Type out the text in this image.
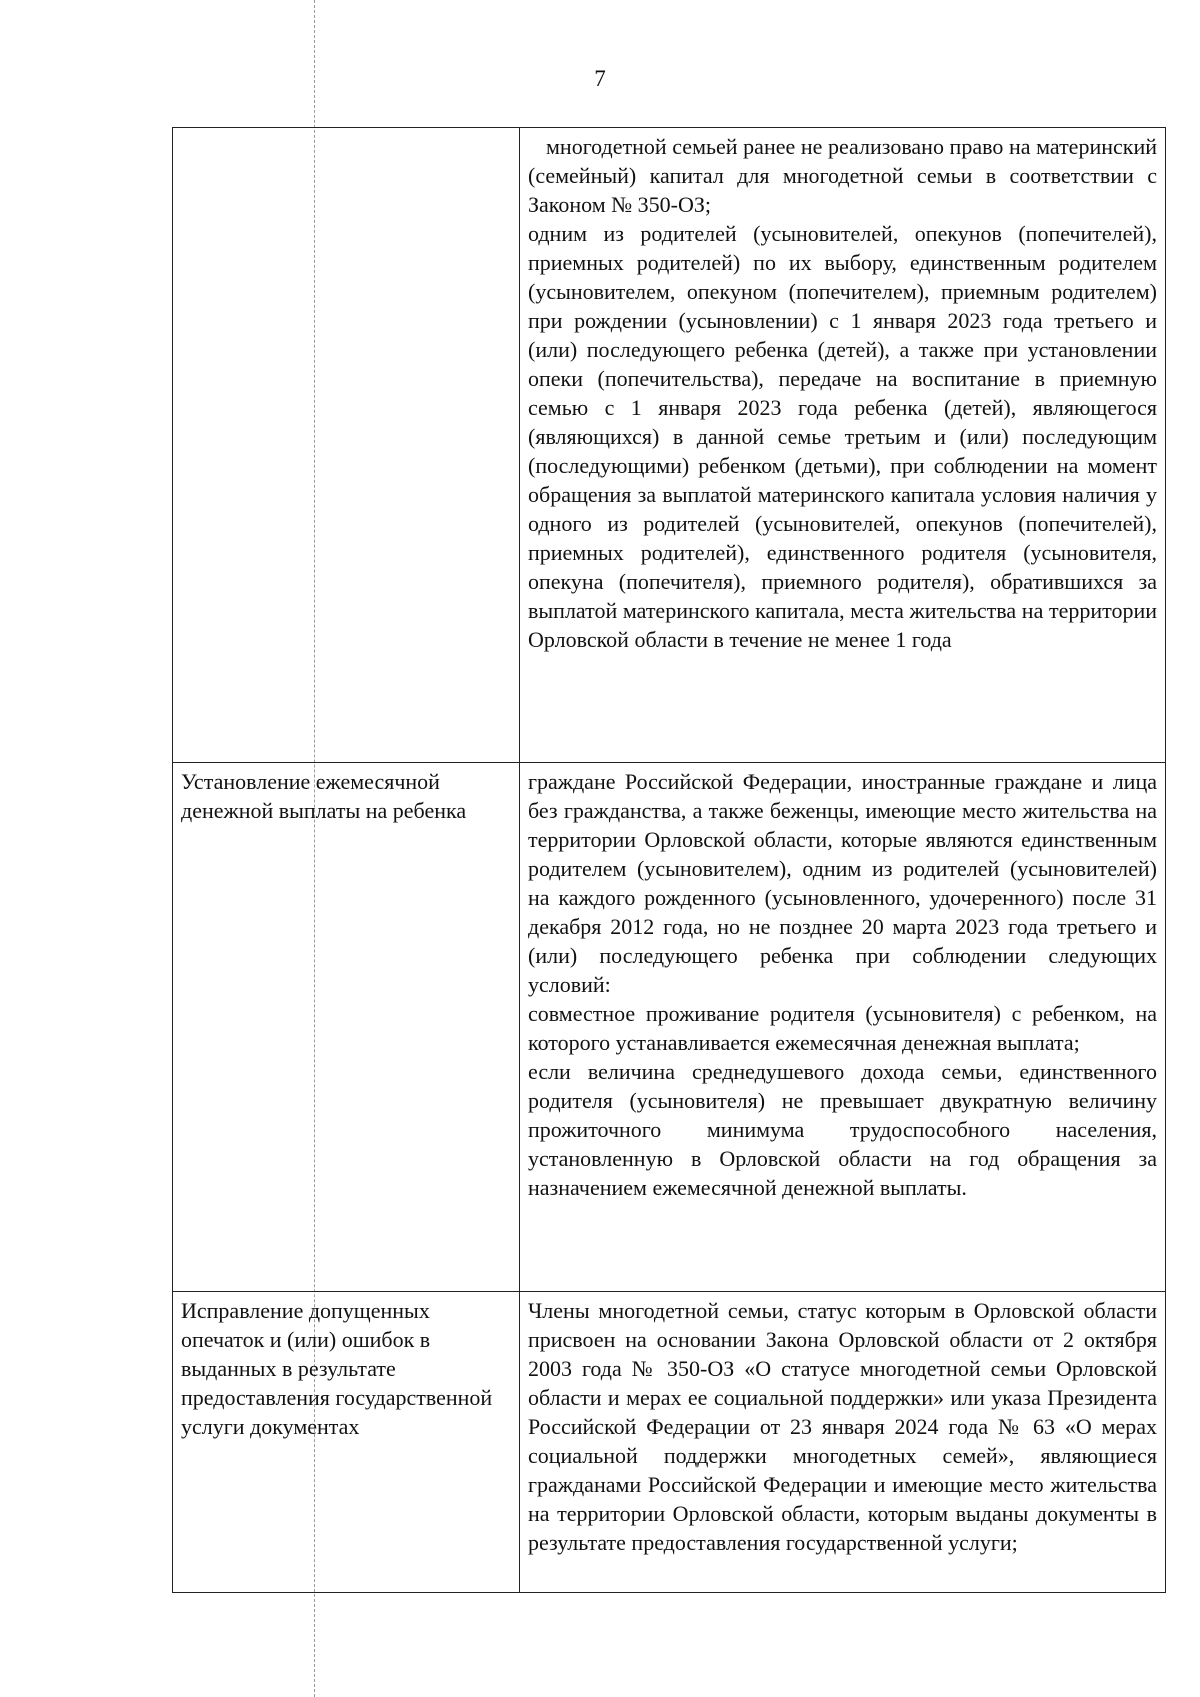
7

	многодетной семьей ранее не реализовано право на материнский (семейный) капитал для многодетной семьи в соответствии с Законом № 350-ОЗ;
одним из родителей (усыновителей, опекунов (попечителей), приемных родителей) по их выбору, единственным родителем (усыновителем, опекуном (попечителем), приемным родителем) при рождении (усыновлении) с 1 января 2023 года третьего и (или) последующего ребенка (детей), а также при установлении опеки (попечительства), передаче на воспитание в приемную семью с 1 января 2023 года ребенка (детей), являющегося (являющихся) в данной семье третьим и (или) последующим (последующими) ребенком (детьми), при соблюдении на момент обращения за выплатой материнского капитала условия наличия у одного из родителей (усыновителей, опекунов (попечителей), приемных родителей), единственного родителя (усыновителя, опекуна (попечителя), приемного родителя), обратившихся за выплатой материнского капитала, места жительства на территории Орловской области в течение не менее 1 года

Установление ежемесячной денежной выплаты на ребенка	граждане Российской Федерации, иностранные граждане и лица без гражданства, а также беженцы, имеющие место жительства на территории Орловской области, которые являются единственным родителем (усыновителем), одним из родителей (усыновителей) на каждого рожденного (усыновленного, удочеренного) после 31 декабря 2012 года, но не позднее 20 марта 2023 года третьего и (или) последующего ребенка при соблюдении следующих условий:
совместное проживание родителя (усыновителя) с ребенком, на которого устанавливается ежемесячная денежная выплата;
если величина среднедушевого дохода семьи, единственного родителя (усыновителя) не превышает двукратную величину прожиточного минимума трудоспособного населения, установленную в Орловской области на год обращения за назначением ежемесячной денежной выплаты.

Исправление допущенных опечаток и (или) ошибок в выданных в результате предоставления государственной услуги документах	Члены многодетной семьи, статус которым в Орловской области присвоен на основании Закона Орловской области от 2 октября 2003 года № 350-ОЗ «О статусе многодетной семьи Орловской области и мерах ее социальной поддержки» или указа Президента Российской Федерации от 23 января 2024 года № 63 «О мерах социальной поддержки многодетных семей», являющиеся гражданами Российской Федерации и имеющие место жительства на территории Орловской области, которым выданы документы в результате предоставления государственной услуги;
